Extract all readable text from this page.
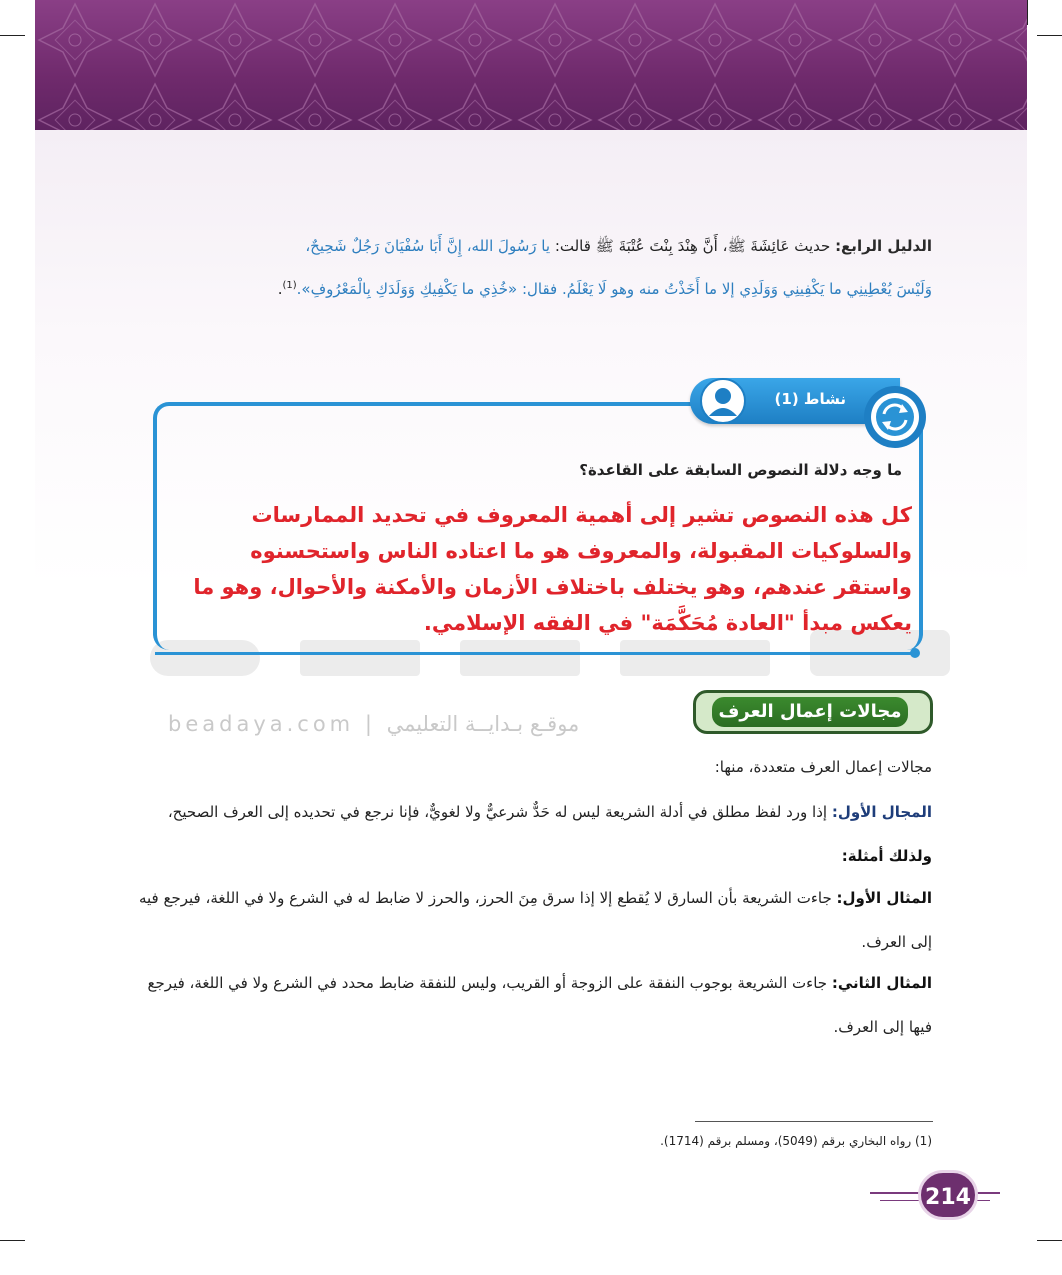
الدليل الرابع: حديث عَائِشَةَ ﷺ، أَنَّ هِنْدَ بِنْتَ عُتْبَةَ ﷺ قالت: يا رَسُولَ الله، إِنَّ أَبَا سُفْيَانَ رَجُلٌ شَحِيحٌ،
وَلَيْسَ يُعْطِينِي ما يَكْفِينِي وَوَلَدِي إلا ما أَخَذْتُ منه وهو لَا يَعْلَمُ. فقال: «خُذِي ما يَكْفِيكِ وَوَلَدَكِ بِالْمَعْرُوفِ».$^{(1)}$.
beadaya.com | موقـع بـدايــة التعليمي
نشاط (1)
ما وجه دلالة النصوص السابقة على القاعدة؟
كل هذه النصوص تشير إلى أهمية المعروف في تحديد الممارسات والسلوكيات المقبولة، والمعروف هو ما اعتاده الناس واستحسنوه واستقر عندهم، وهو يختلف باختلاف الأزمان والأمكنة والأحوال، وهو ما يعكس مبدأ "العادة مُحَكَّمَة" في الفقه الإسلامي.
مجالات إعمال العرف
مجالات إعمال العرف متعددة، منها:
المجال الأول: إذا ورد لفظ مطلق في أدلة الشريعة ليس له حَدٌّ شرعيٌّ ولا لغويٌّ، فإنا نرجع في تحديده إلى العرف الصحيح، ولذلك أمثلة:
المثال الأول: جاءت الشريعة بأن السارق لا يُقطع إلا إذا سرق مِنَ الحرز، والحرز لا ضابط له في الشرع ولا في اللغة، فيرجع فيه إلى العرف.
المثال الثاني: جاءت الشريعة بوجوب النفقة على الزوجة أو القريب، وليس للنفقة ضابط محدد في الشرع ولا في اللغة، فيرجع فيها إلى العرف.
(1) رواه البخاري برقم (5049)، ومسلم برقم (1714).
214
